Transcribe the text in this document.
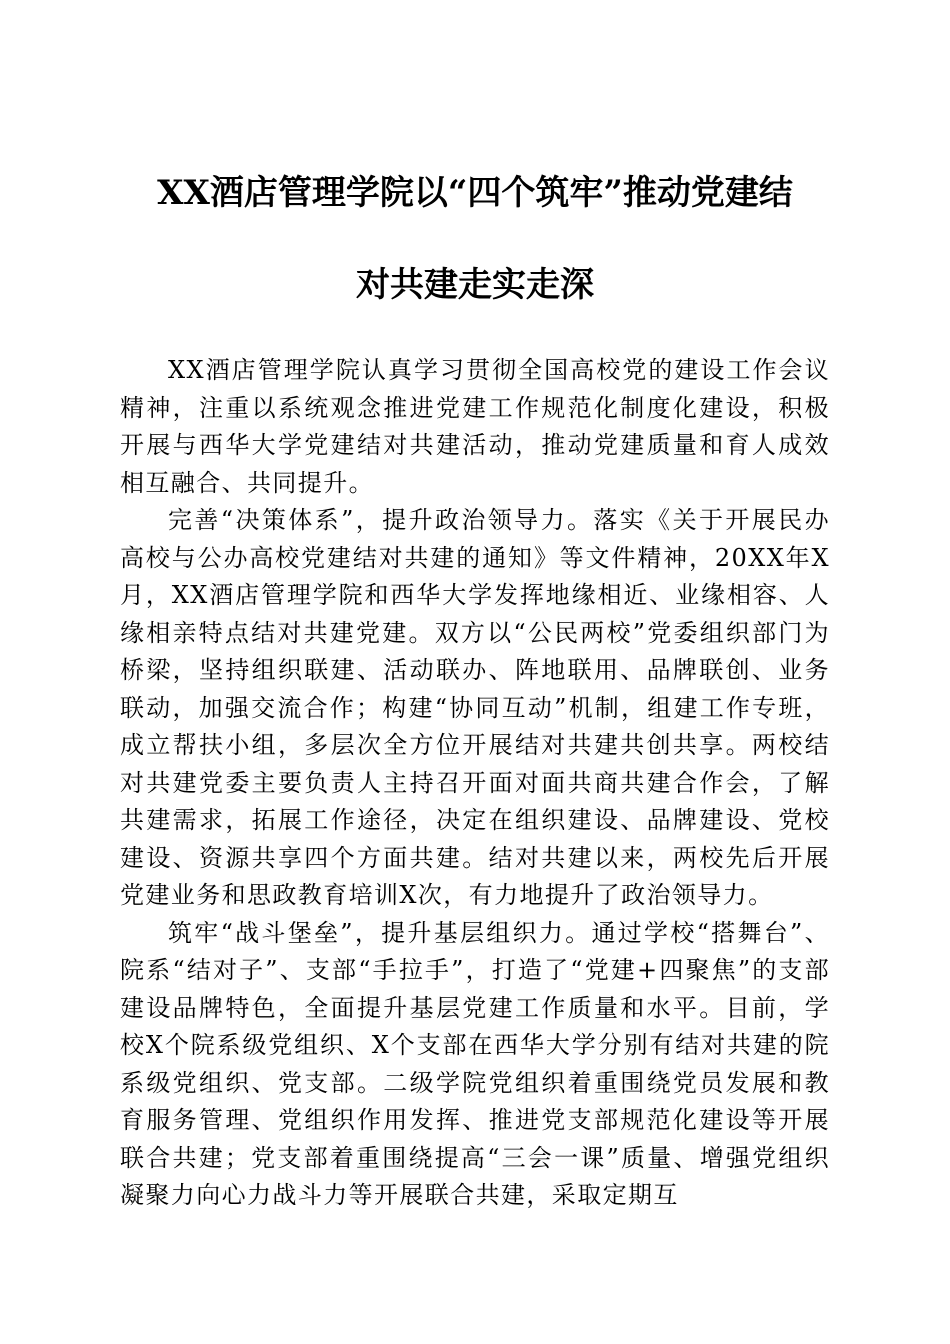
XX酒店管理学院以“四个筑牢”推动党建结
对共建走实走深

XX酒店管理学院认真学习贯彻全国高校党的建设工作会议精神，注重以系统观念推进党建工作规范化制度化建设，积极开展与西华大学党建结对共建活动，推动党建质量和育人成效相互融合、共同提升。

完善“决策体系”，提升政治领导力。落实《关于开展民办高校与公办高校党建结对共建的通知》等文件精神，20XX年X月，XX酒店管理学院和西华大学发挥地缘相近、业缘相容、人缘相亲特点结对共建党建。双方以“公民两校”党委组织部门为桥梁，坚持组织联建、活动联办、阵地联用、品牌联创、业务联动，加强交流合作；构建“协同互动”机制，组建工作专班，成立帮扶小组，多层次全方位开展结对共建共创共享。两校结对共建党委主要负责人主持召开面对面共商共建合作会，了解共建需求，拓展工作途径，决定在组织建设、品牌建设、党校建设、资源共享四个方面共建。结对共建以来，两校先后开展党建业务和思政教育培训X次，有力地提升了政治领导力。

筑牢“战斗堡垒”，提升基层组织力。通过学校“搭舞台”、院系“结对子”、支部“手拉手”，打造了“党建+四聚焦”的支部建设品牌特色，全面提升基层党建工作质量和水平。目前，学校X个院系级党组织、X个支部在西华大学分别有结对共建的院系级党组织、党支部。二级学院党组织着重围绕党员发展和教育服务管理、党组织作用发挥、推进党支部规范化建设等开展联合共建；党支部着重围绕提高“三会一课”质量、增强党组织凝聚力向心力战斗力等开展联合共建，采取定期互
